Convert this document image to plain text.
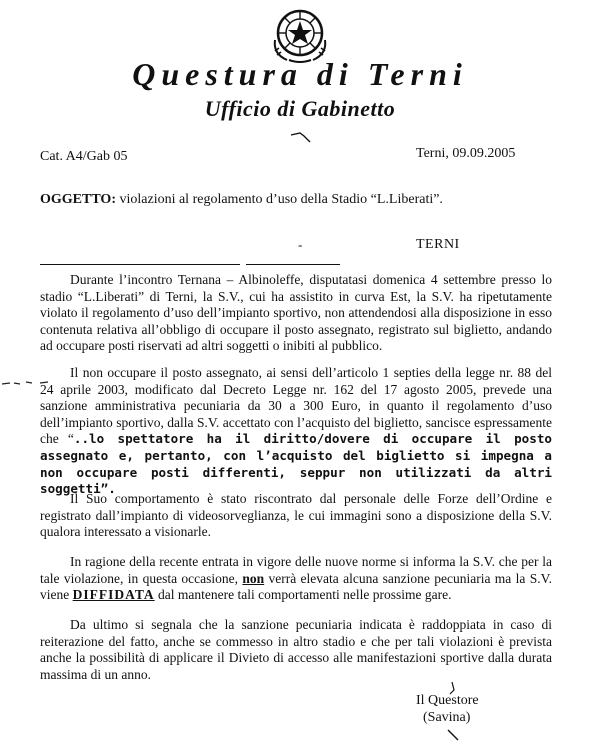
Questura di Terni
Ufficio di Gabinetto
Cat. A4/Gab 05	Terni, 09.09.2005
OGGETTO: violazioni al regolamento d’uso della Stadio “L.Liberati”.
-	TERNI

Durante l’incontro Ternana – Albinoleffe, disputatasi domenica 4 settembre presso lo stadio “L.Liberati” di Terni, la S.V., cui ha assistito in curva Est, la S.V. ha ripetutamente violato il regolamento d’uso dell’impianto sportivo, non attendendosi alla disposizione in esso contenuta relativa all’obbligo di occupare il posto assegnato, registrato sul biglietto, andando ad occupare posti riservati ad altri soggetti o inibiti al pubblico.

Il non occupare il posto assegnato, ai sensi dell’articolo 1 septies della legge nr. 88 del 24 aprile 2003, modificato dal Decreto Legge nr. 162 del 17 agosto 2005, prevede una sanzione amministrativa pecuniaria da 30 a 300 Euro, in quanto il regolamento d’uso dell’impianto sportivo, dalla S.V. accettato con l’acquisto del biglietto, sancisce espressamente che “..lo spettatore ha il diritto/dovere di occupare il posto assegnato e, pertanto, con l’acquisto del biglietto si impegna a non occupare posti differenti, seppur non utilizzati da altri soggetti”.

Il Suo comportamento è stato riscontrato dal personale delle Forze dell’Ordine e registrato dall’impianto di videosorveglianza, le cui immagini sono a disposizione della S.V. qualora interessato a visionarle.

In ragione della recente entrata in vigore delle nuove norme si informa la S.V. che per la tale violazione, in questa occasione, non verrà elevata alcuna sanzione pecuniaria ma la S.V. viene DIFFIDATA dal mantenere tali comportamenti nelle prossime gare.

Da ultimo si segnala che la sanzione pecuniaria indicata è raddoppiata in caso di reiterazione del fatto, anche se commesso in altro stadio e che per tali violazioni è prevista anche la possibilità di applicare il Divieto di accesso alle manifestazioni sportive dalla durata massima di un anno.

Il Questore
(Savina)
